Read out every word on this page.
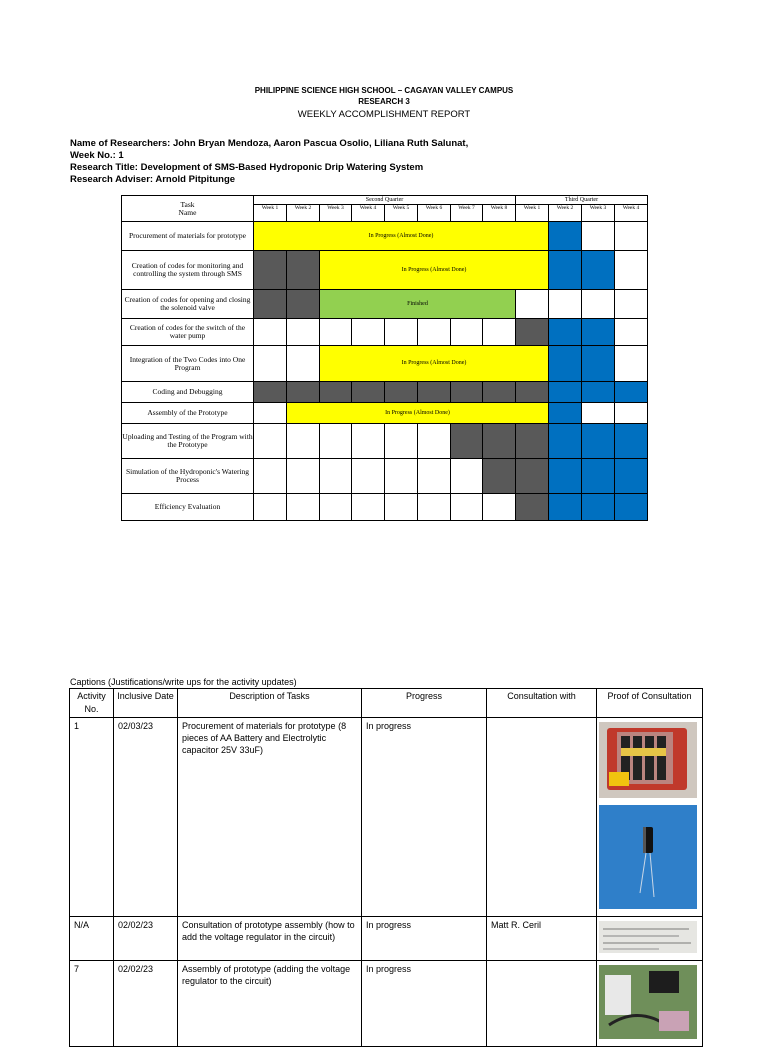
PHILIPPINE SCIENCE HIGH SCHOOL – CAGAYAN VALLEY CAMPUS
RESEARCH 3
WEEKLY ACCOMPLISHMENT REPORT
Name of Researchers: John Bryan Mendoza, Aaron Pascua Osolio, Liliana Ruth Salunat,
Week No.: 1
Research Title: Development of SMS-Based Hydroponic Drip Watering System
Research Adviser: Arnold Pitpitunge
Task
Name	Second Quarter								Third Quarter			
	Week 1	Week 2	Week 3	Week 4	Week 5	Week 6	Week 7	Week 8	Week 1	Week 2	Week 3	Week 4
Procurement of materials for prototype	In Progress (Almost Done)											
Creation of codes for monitoring and controlling the system through SMS			In Progress (Almost Done)									
Creation of codes for opening and closing the solenoid valve			Finished									
Creation of codes for the switch of the water pump												
Integration of the Two Codes into One Program			In Progress (Almost Done)									
Coding and Debugging												
Assembly of the Prototype		In Progress (Almost Done)										
Uploading and Testing of the Program with the Prototype												
Simulation of the Hydroponic's Watering Process												
Efficiency Evaluation												
Captions (Justifications/write ups for the activity updates)
Activity No.	Inclusive Date	Description of Tasks	Progress	Consultation with	Proof of Consultation
1	02/03/23	Procurement of materials for prototype (8 pieces of AA Battery and Electrolytic capacitor 25V 33uF)	In progress		
N/A	02/02/23	Consultation of prototype assembly (how to add the voltage regulator in the circuit)	In progress	Matt R. Ceril	
7	02/02/23	Assembly of prototype (adding the voltage regulator to the circuit)	In progress		
